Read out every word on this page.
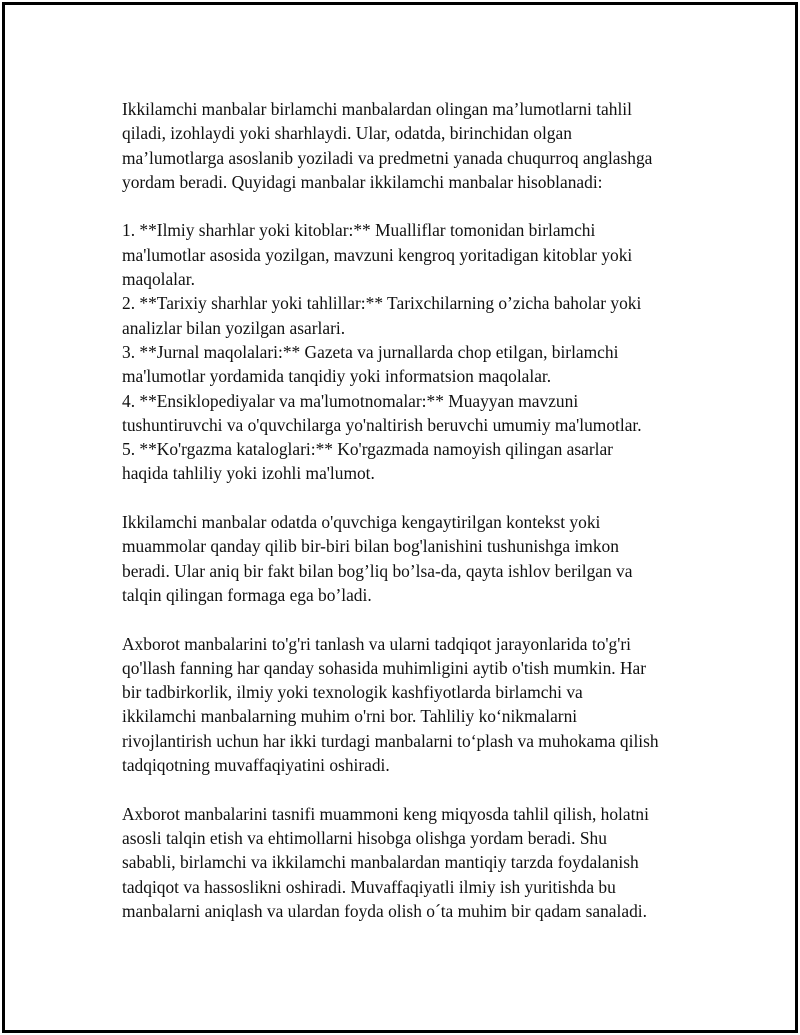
Ikkilamchi manbalar birlamchi manbalardan olingan ma’lumotlarni tahlil
qiladi, izohlaydi yoki sharhlaydi. Ular, odatda, birinchidan olgan
ma’lumotlarga asoslanib yoziladi va predmetni yanada chuqurroq anglashga
yordam beradi. Quyidagi manbalar ikkilamchi manbalar hisoblanadi:

1. **Ilmiy sharhlar yoki kitoblar:** Mualliflar tomonidan birlamchi
ma'lumotlar asosida yozilgan, mavzuni kengroq yoritadigan kitoblar yoki
maqolalar.
2. **Tarixiy sharhlar yoki tahlillar:** Tarixchilarning o’zicha baholar yoki
analizlar bilan yozilgan asarlari.
3. **Jurnal maqolalari:** Gazeta va jurnallarda chop etilgan, birlamchi
ma'lumotlar yordamida tanqidiy yoki informatsion maqolalar.
4. **Ensiklopediyalar va ma'lumotnomalar:** Muayyan mavzuni
tushuntiruvchi va o'quvchilarga yo'naltirish beruvchi umumiy ma'lumotlar.
5. **Ko'rgazma kataloglari:** Ko'rgazmada namoyish qilingan asarlar
haqida tahliliy yoki izohli ma'lumot.

Ikkilamchi manbalar odatda o'quvchiga kengaytirilgan kontekst yoki
muammolar qanday qilib bir-biri bilan bog'lanishini tushunishga imkon
beradi. Ular aniq bir fakt bilan bog’liq bo’lsa-da, qayta ishlov berilgan va
talqin qilingan formaga ega bo’ladi.

Axborot manbalarini to'g'ri tanlash va ularni tadqiqot jarayonlarida to'g'ri
qo'llash fanning har qanday sohasida muhimligini aytib o'tish mumkin. Har
bir tadbirkorlik, ilmiy yoki texnologik kashfiyotlarda birlamchi va
ikkilamchi manbalarning muhim o'rni bor. Tahliliy ko‘nikmalarni
rivojlantirish uchun har ikki turdagi manbalarni to‘plash va muhokama qilish
tadqiqotning muvaffaqiyatini oshiradi.

Axborot manbalarini tasnifi muammoni keng miqyosda tahlil qilish, holatni
asosli talqin etish va ehtimollarni hisobga olishga yordam beradi. Shu
sababli, birlamchi va ikkilamchi manbalardan mantiqiy tarzda foydalanish
tadqiqot va hassoslikni oshiradi. Muvaffaqiyatli ilmiy ish yuritishda bu
manbalarni aniqlash va ulardan foyda olish o´ta muhim bir qadam sanaladi.
